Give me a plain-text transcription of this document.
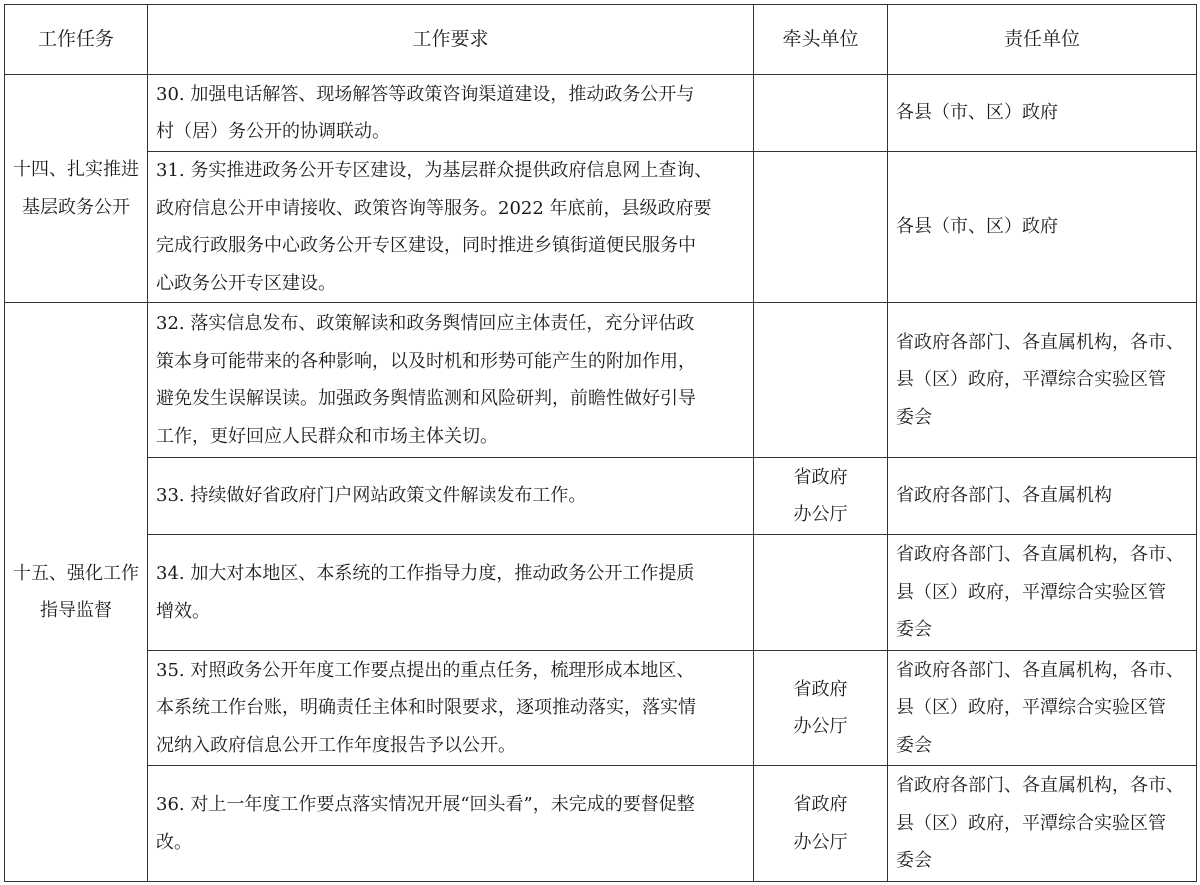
工作任务	工作要求	牵头单位	责任单位

十四、扎实推进
基层政务公开	30. 加强电话解答、现场解答等政策咨询渠道建设，推动政务公开与
村（居）务公开的协调联动。		各县（市、区）政府

	31. 务实推进政务公开专区建设，为基层群众提供政府信息网上查询、
政府信息公开申请接收、政策咨询等服务。2022 年底前，县级政府要
完成行政服务中心政务公开专区建设，同时推进乡镇街道便民服务中
心政务公开专区建设。		各县（市、区）政府

十五、强化工作
指导监督	32. 落实信息发布、政策解读和政务舆情回应主体责任，充分评估政
策本身可能带来的各种影响，以及时机和形势可能产生的附加作用，
避免发生误解误读。加强政务舆情监测和风险研判，前瞻性做好引导
工作，更好回应人民群众和市场主体关切。		省政府各部门、各直属机构，各市、
县（区）政府，平潭综合实验区管
委会

	33. 持续做好省政府门户网站政策文件解读发布工作。	省政府
办公厅	省政府各部门、各直属机构

	34. 加大对本地区、本系统的工作指导力度，推动政务公开工作提质
增效。		省政府各部门、各直属机构，各市、
县（区）政府，平潭综合实验区管
委会

	35. 对照政务公开年度工作要点提出的重点任务，梳理形成本地区、
本系统工作台账，明确责任主体和时限要求，逐项推动落实，落实情
况纳入政府信息公开工作年度报告予以公开。	省政府
办公厅	省政府各部门、各直属机构，各市、
县（区）政府，平潭综合实验区管
委会

	36. 对上一年度工作要点落实情况开展“回头看”，未完成的要督促整
改。	省政府
办公厅	省政府各部门、各直属机构，各市、
县（区）政府，平潭综合实验区管
委会
